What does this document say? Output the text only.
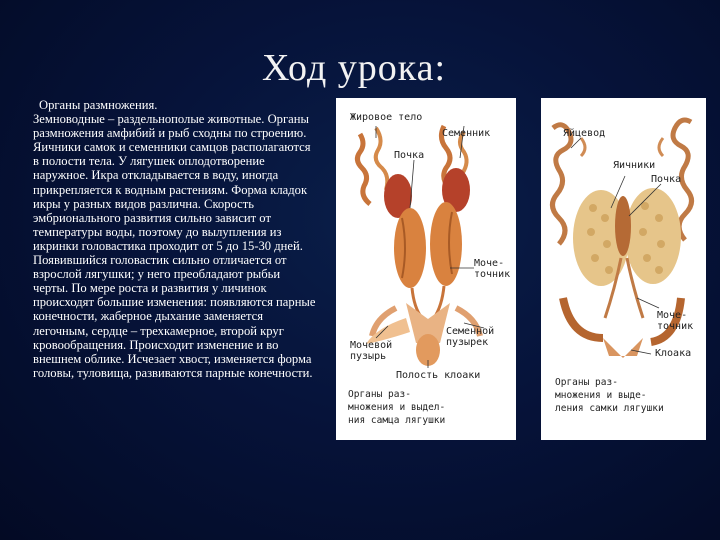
Ход урока:
Органы размножения.
Земноводные – раздельнополые животные. Органы размножения амфибий и рыб сходны по строению. Яичники самок и семенники самцов располагаются в полости тела. У лягушек оплодотворение наружное. Икра откладывается в воду, иногда прикрепляется к водным растениям. Форма кладок икры у разных видов различна. Скорость эмбрионального развития сильно зависит от температуры воды, поэтому до вылупления из икринки головастика проходит от 5 до 15-30 дней. Появившийся головастик сильно отличается от взрослой лягушки; у него преобладают рыбьи черты. По мере роста и развития у личинок происходят большие изменения: появляются парные конечности, жаберное дыхание заменяется легочным, сердце – трехкамерное, второй круг кровообращения. Происходит изменение и во внешнем облике. Исчезает хвост, изменяется форма головы, туловища, развиваются парные конечности.
Жировое тело
Семенник
Почка
Моче-
точник
Семенной
пузырек
Мочевой
пузырь
Полость клоаки
Органы раз-
множения и выдел-
ния самца лягушки
Яйцевод
Яичники
Почка
Моче-
точник
Клоака
Органы раз-
множения и выде-
ления самки лягушки
